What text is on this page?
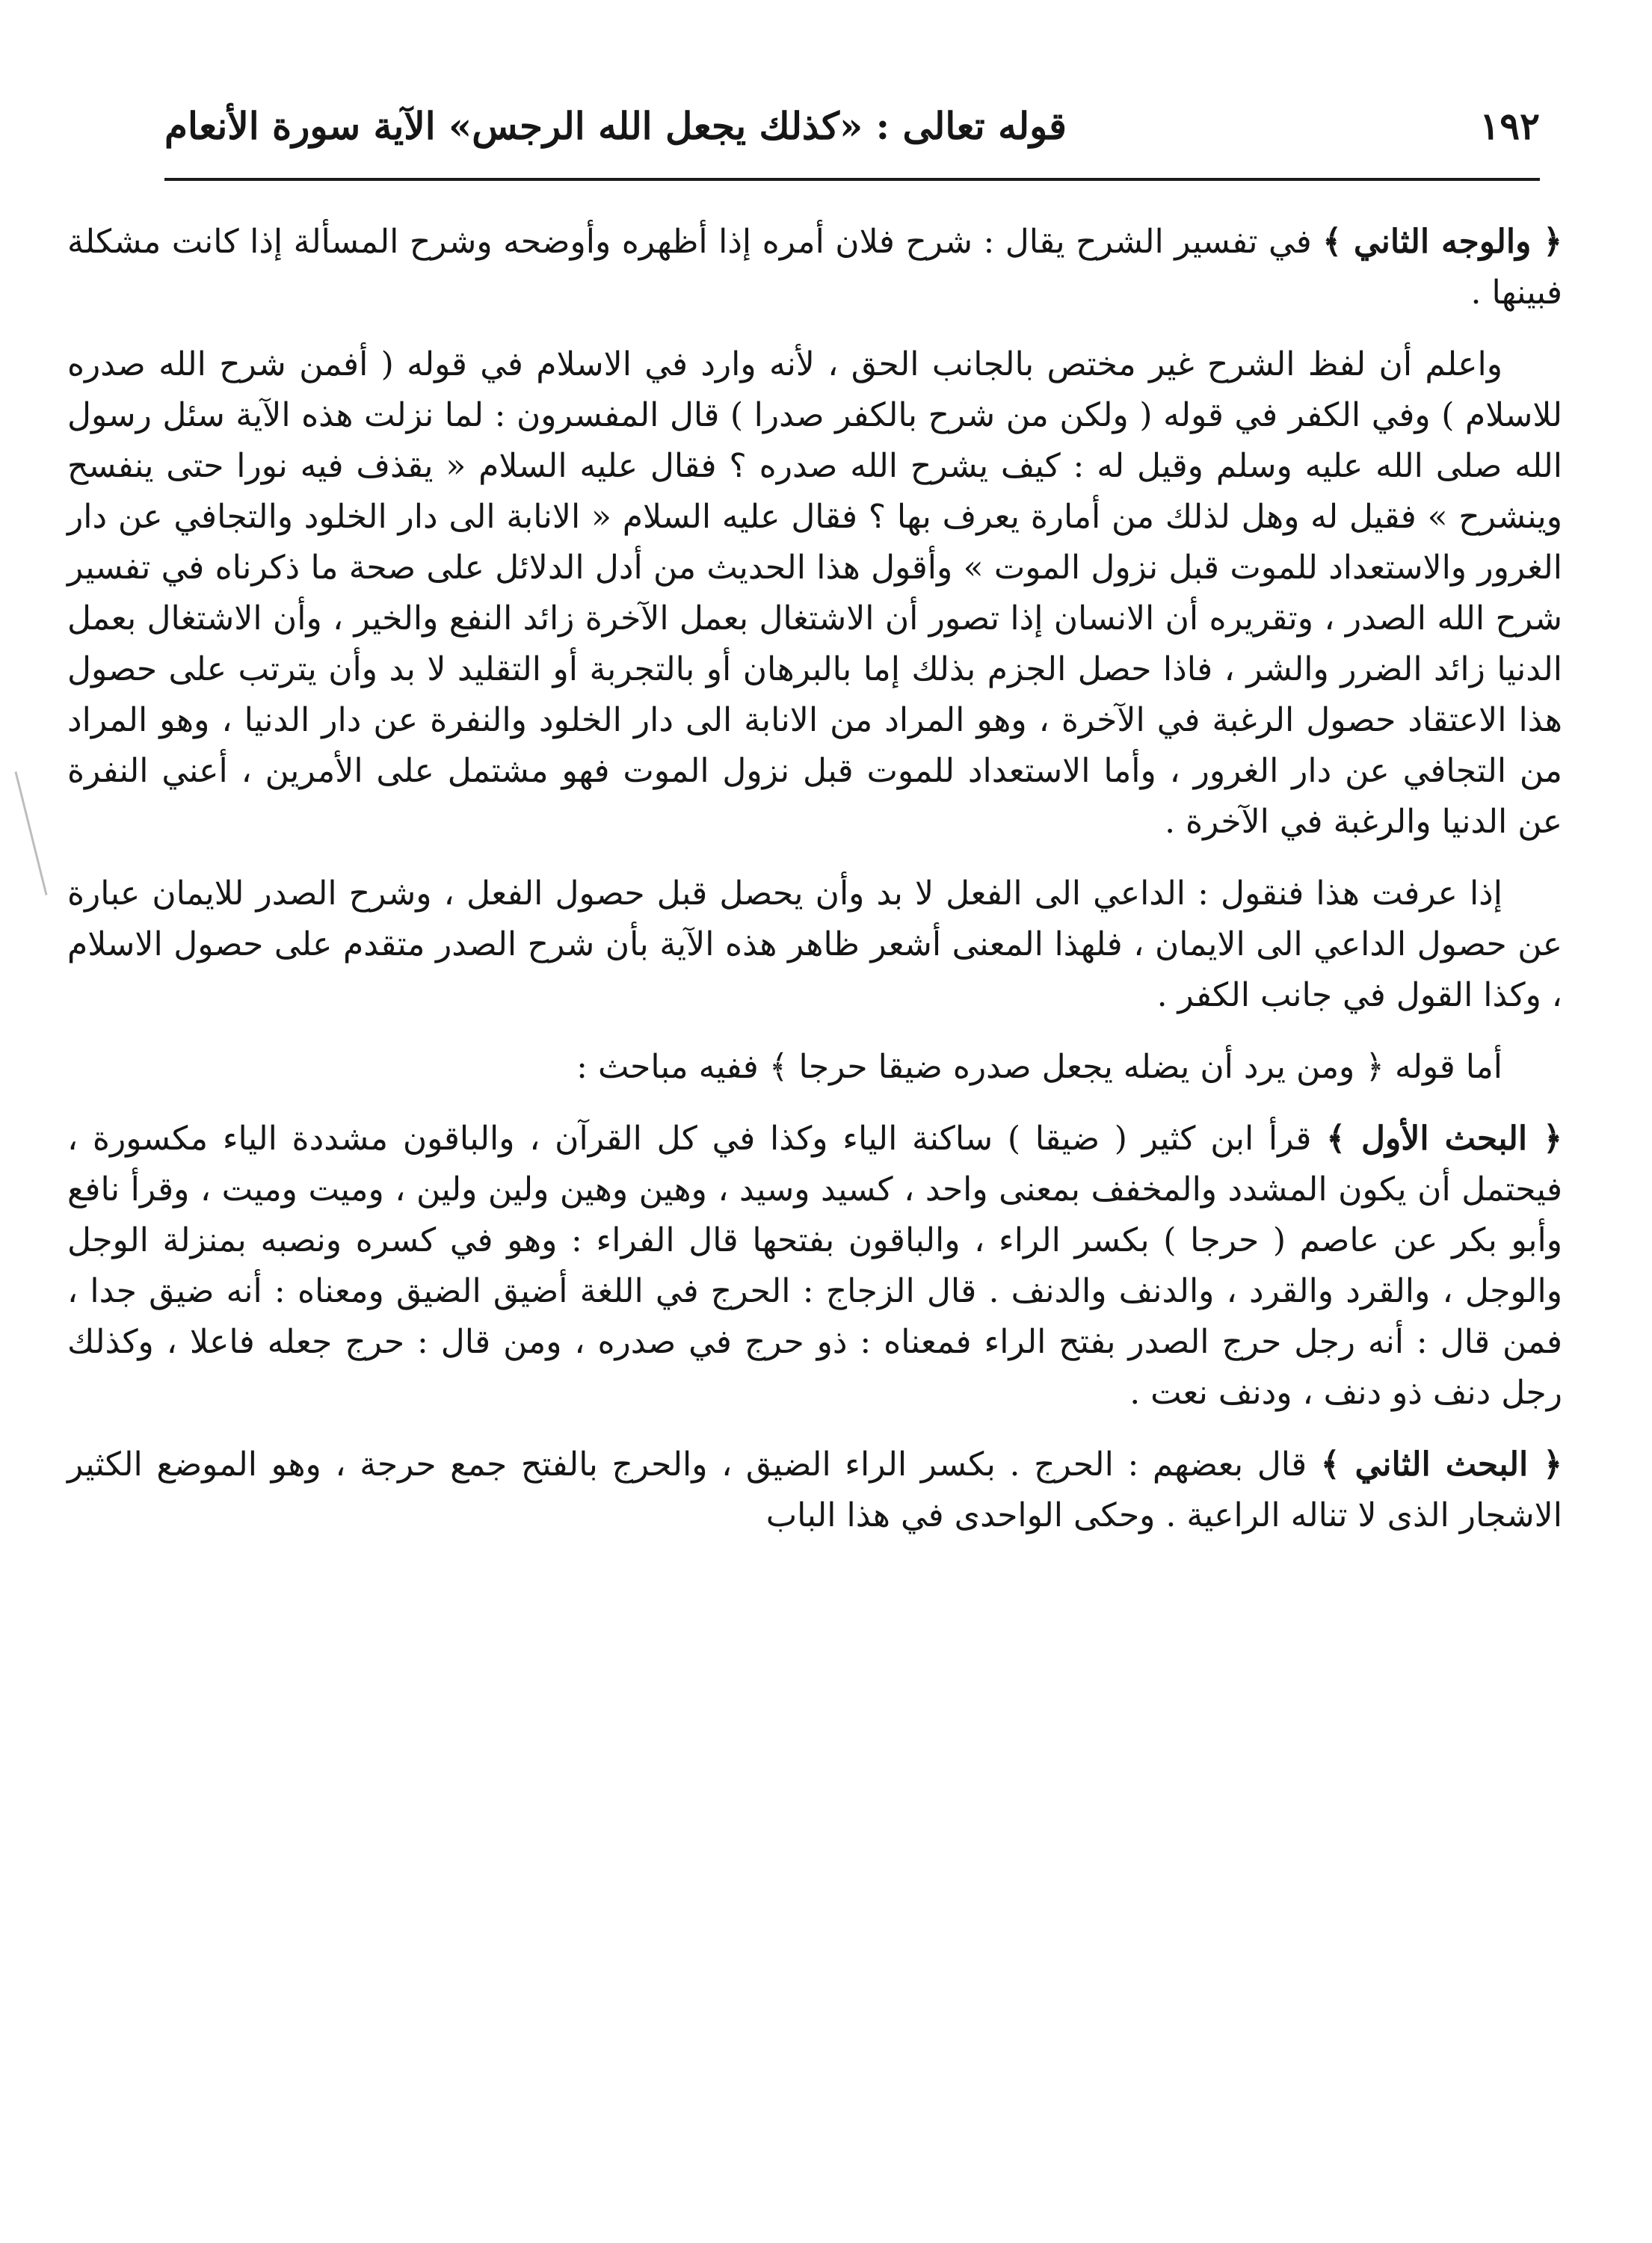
١٩٢
قوله تعالى : «كذلك يجعل الله الرجس» الآية سورة الأنعام

﴿ والوجه الثاني ﴾ في تفسير الشرح يقال : شرح فلان أمره إذا أظهره وأوضحه وشرح المسألة إذا كانت مشكلة فبينها .

واعلم أن لفظ الشرح غير مختص بالجانب الحق ، لأنه وارد في الاسلام في قوله ( أفمن شرح الله صدره للاسلام ) وفي الكفر في قوله ( ولكن من شرح بالكفر صدرا ) قال المفسرون : لما نزلت هذه الآية سئل رسول الله صلى الله عليه وسلم وقيل له : كيف يشرح الله صدره ؟ فقال عليه السلام « يقذف فيه نورا حتى ينفسح وينشرح » فقيل له وهل لذلك من أمارة يعرف بها ؟ فقال عليه السلام « الانابة الى دار الخلود والتجافي عن دار الغرور والاستعداد للموت قبل نزول الموت » وأقول هذا الحديث من أدل الدلائل على صحة ما ذكرناه في تفسير شرح الله الصدر ، وتقريره أن الانسان إذا تصور أن الاشتغال بعمل الآخرة زائد النفع والخير ، وأن الاشتغال بعمل الدنيا زائد الضرر والشر ، فاذا حصل الجزم بذلك إما بالبرهان أو بالتجربة أو التقليد لا بد وأن يترتب على حصول هذا الاعتقاد حصول الرغبة في الآخرة ، وهو المراد من الانابة الى دار الخلود والنفرة عن دار الدنيا ، وهو المراد من التجافي عن دار الغرور ، وأما الاستعداد للموت قبل نزول الموت فهو مشتمل على الأمرين ، أعني النفرة عن الدنيا والرغبة في الآخرة .

إذا عرفت هذا فنقول : الداعي الى الفعل لا بد وأن يحصل قبل حصول الفعل ، وشرح الصدر للايمان عبارة عن حصول الداعي الى الايمان ، فلهذا المعنى أشعر ظاهر هذه الآية بأن شرح الصدر متقدم على حصول الاسلام ، وكذا القول في جانب الكفر .

أما قوله ﴿ ومن يرد أن يضله يجعل صدره ضيقا حرجا ﴾ ففيه مباحث :

﴿ البحث الأول ﴾ قرأ ابن كثير ( ضيقا ) ساكنة الياء وكذا في كل القرآن ، والباقون مشددة الياء مكسورة ، فيحتمل أن يكون المشدد والمخفف بمعنى واحد ، كسيد وسيد ، وهين وهين ولين ولين ، وميت وميت ، وقرأ نافع وأبو بكر عن عاصم ( حرجا ) بكسر الراء ، والباقون بفتحها قال الفراء : وهو في كسره ونصبه بمنزلة الوجل والوجل ، والقرد والقرد ، والدنف والدنف . قال الزجاج : الحرج في اللغة أضيق الضيق ومعناه : أنه ضيق جدا ، فمن قال : أنه رجل حرج الصدر بفتح الراء فمعناه : ذو حرج في صدره ، ومن قال : حرج جعله فاعلا ، وكذلك رجل دنف ذو دنف ، ودنف نعت .

﴿ البحث الثاني ﴾ قال بعضهم : الحرج . بكسر الراء الضيق ، والحرج بالفتح جمع حرجة ، وهو الموضع الكثير الاشجار الذى لا تناله الراعية . وحكى الواحدى في هذا الباب
